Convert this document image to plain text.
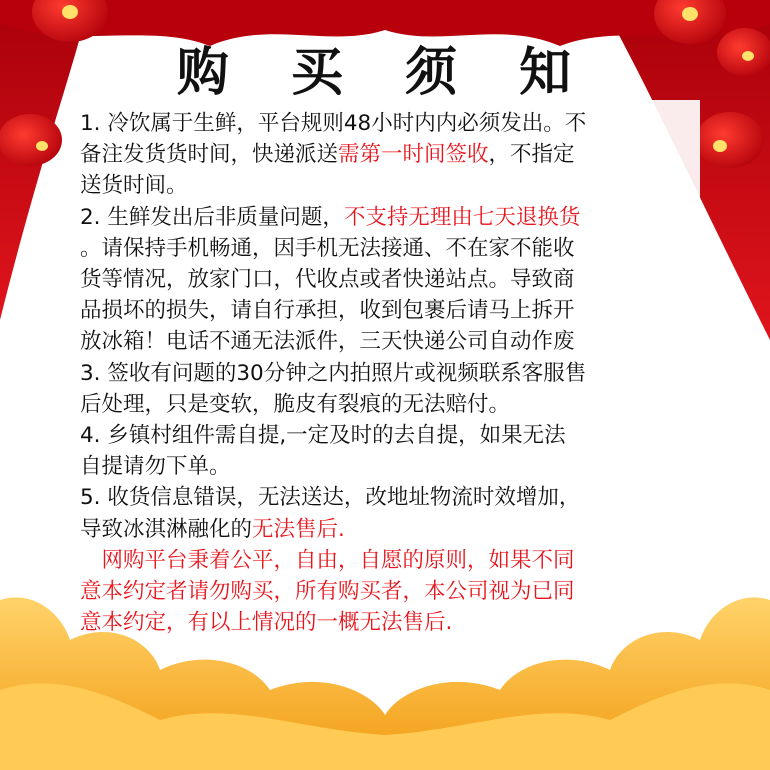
购 买 须 知
1. 冷饮属于生鲜，平台规则48小时内内必须发出。不
备注发货货时间，快递派送需第一时间签收，不指定
送货时间。
2. 生鲜发出后非质量问题，不支持无理由七天退换货
。请保持手机畅通，因手机无法接通、不在家不能收
货等情况，放家门口，代收点或者快递站点。导致商
品损坏的损失，请自行承担，收到包裹后请马上拆开
放冰箱！电话不通无法派件，三天快递公司自动作废
3. 签收有问题的30分钟之内拍照片或视频联系客服售
后处理，只是变软，脆皮有裂痕的无法赔付。
4. 乡镇村组件需自提,一定及时的去自提，如果无法
自提请勿下单。
5. 收货信息错误，无法送达，改地址物流时效增加，
导致冰淇淋融化的无法售后.
　网购平台秉着公平，自由，自愿的原则，如果不同
意本约定者请勿购买，所有购买者，本公司视为已同
意本约定，有以上情况的一概无法售后.
